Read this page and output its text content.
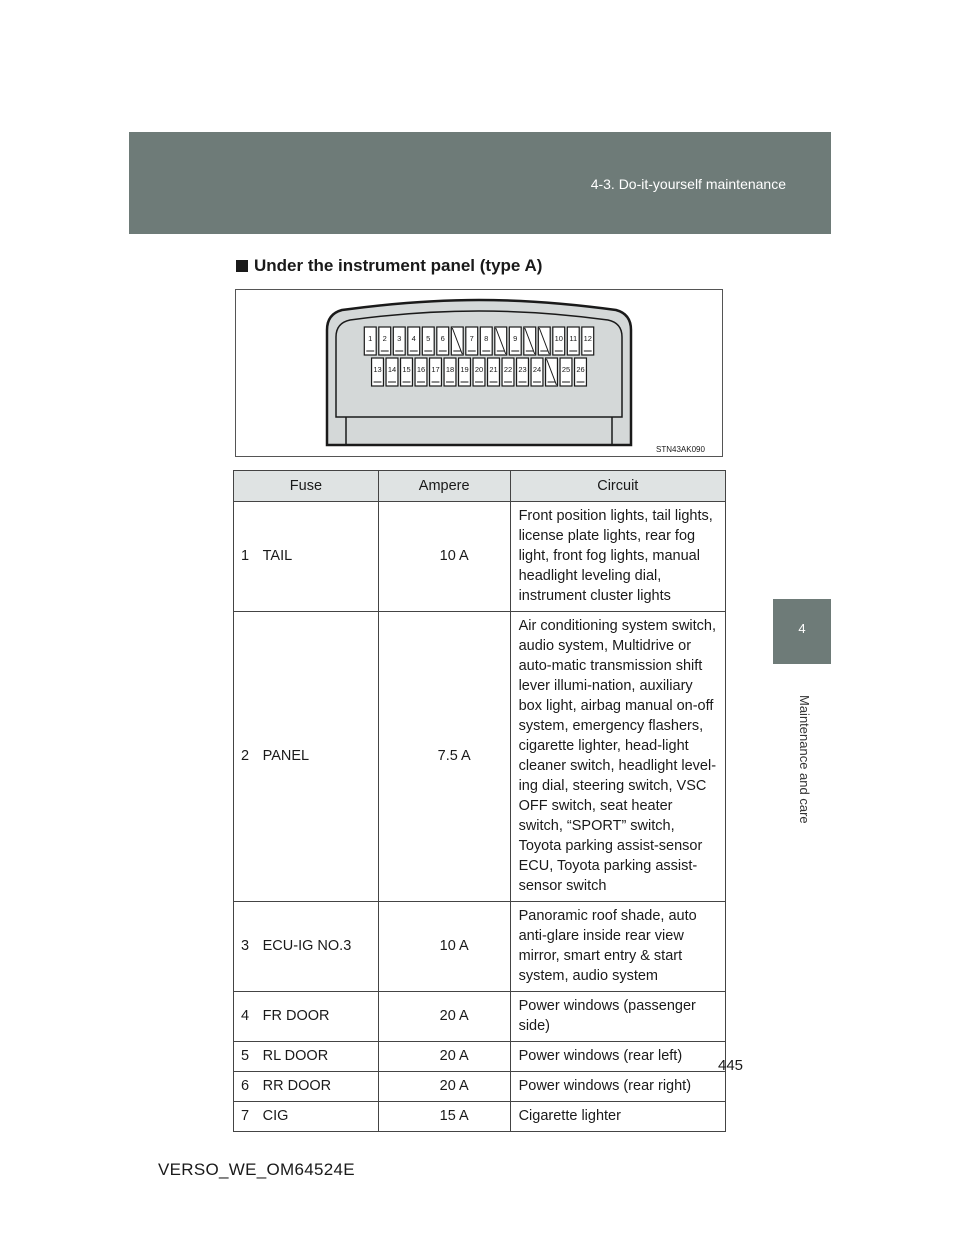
4-3. Do-it-yourself maintenance
4
Maintenance and care
Under the instrument panel (type A)
1 2 3 4 5 6	7 8	9	10 11 12
13 14 15 16 17 18 19 20 21 22 23 24	25 26
STN43AK090
Fuse		Ampere	Circuit
1	TAIL	10 A	Front position lights, tail lights, license plate lights, rear fog light, front fog lights, manual headlight leveling dial, instrument cluster lights
2	PANEL	7.5 A	Air conditioning system switch, audio system, Multidrive or auto-matic transmission shift lever illumi-nation, auxiliary box light, airbag manual on-off system, emergency flashers, cigarette lighter, head-light cleaner switch, headlight level-ing dial, steering switch, VSC OFF switch, seat heater switch, “SPORT” switch, Toyota parking assist-sensor ECU, Toyota parking assist-sensor switch
3	ECU-IG NO.3	10 A	Panoramic roof shade, auto anti-glare inside rear view mirror, smart entry & start system, audio system
4	FR DOOR	20 A	Power windows (passenger side)
5	RL DOOR	20 A	Power windows (rear left)
6	RR DOOR	20 A	Power windows (rear right)
7	CIG	15 A	Cigarette lighter
445
VERSO_WE_OM64524E
